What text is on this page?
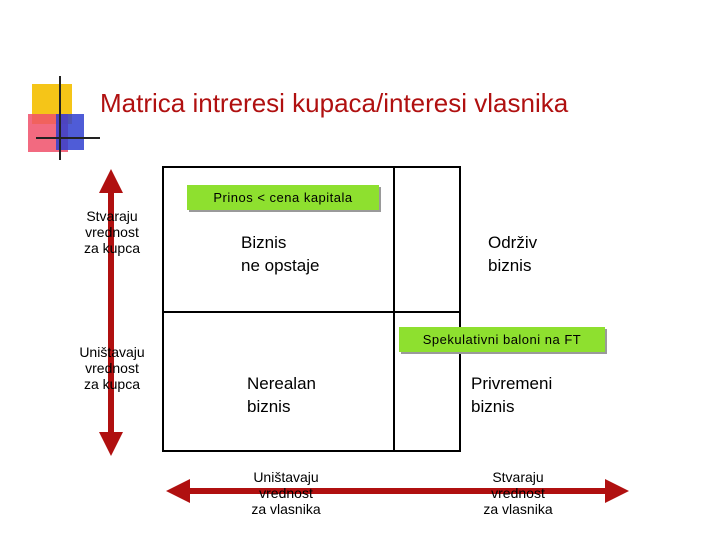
Matrica intreresi kupaca/interesi vlasnika
Stvaraju
vrednost
za kupca
Uništavaju
vrednost
za kupca
Biznis
ne opstaje
Održiv
biznis
Nerealan
biznis
Privremeni
biznis
Prinos < cena kapitala
Spekulativni baloni na FT
Uništavaju
vrednost
za vlasnika
Stvaraju
vrednost
za vlasnika
